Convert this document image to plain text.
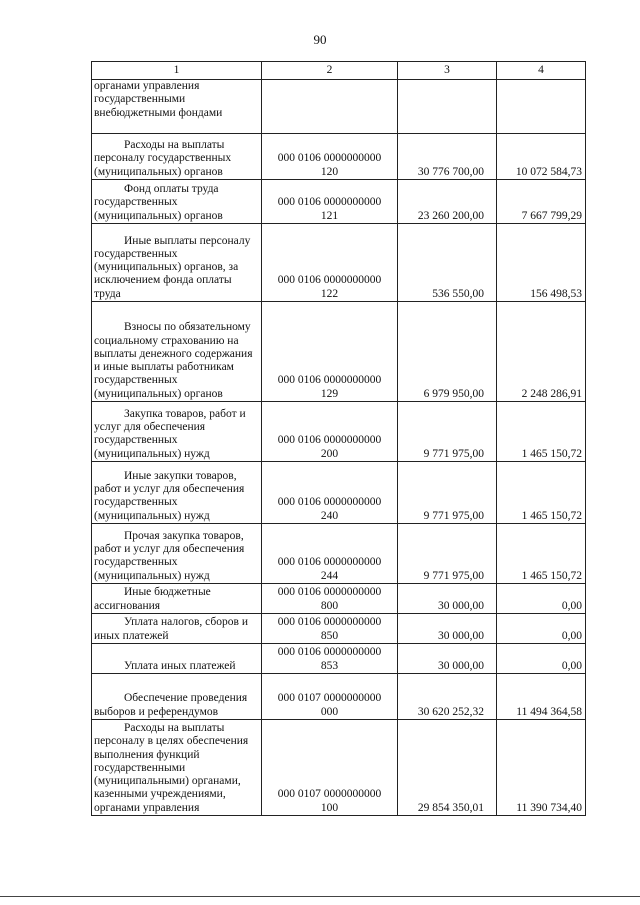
90
1	2	3	4
органами управления государственными внебюджетными фондами			
Расходы на выплаты персоналу государственных (муниципальных) органов	000 0106 0000000000
120	30 776 700,00	10 072 584,73
Фонд оплаты труда государственных (муниципальных) органов	000 0106 0000000000
121	23 260 200,00	7 667 799,29
Иные выплаты персоналу государственных (муниципальных) органов, за исключением фонда оплаты труда	000 0106 0000000000
122	536 550,00	156 498,53
Взносы по обязательному социальному страхованию на выплаты денежного содержания и иные выплаты работникам государственных (муниципальных) органов	000 0106 0000000000
129	6 979 950,00	2 248 286,91
Закупка товаров, работ и услуг для обеспечения государственных (муниципальных) нужд	000 0106 0000000000
200	9 771 975,00	1 465 150,72
Иные закупки товаров, работ и услуг для обеспечения государственных (муниципальных) нужд	000 0106 0000000000
240	9 771 975,00	1 465 150,72
Прочая закупка товаров, работ и услуг для обеспечения государственных (муниципальных) нужд	000 0106 0000000000
244	9 771 975,00	1 465 150,72
Иные бюджетные ассигнования	000 0106 0000000000
800	30 000,00	0,00
Уплата налогов, сборов и иных платежей	000 0106 0000000000
850	30 000,00	0,00
Уплата иных платежей	000 0106 0000000000
853	30 000,00	0,00
Обеспечение проведения выборов и референдумов	000 0107 0000000000
000	30 620 252,32	11 494 364,58
Расходы на выплаты персоналу в целях обеспечения выполнения функций государственными (муниципальными) органами, казенными учреждениями, органами управления	000 0107 0000000000
100	29 854 350,01	11 390 734,40
